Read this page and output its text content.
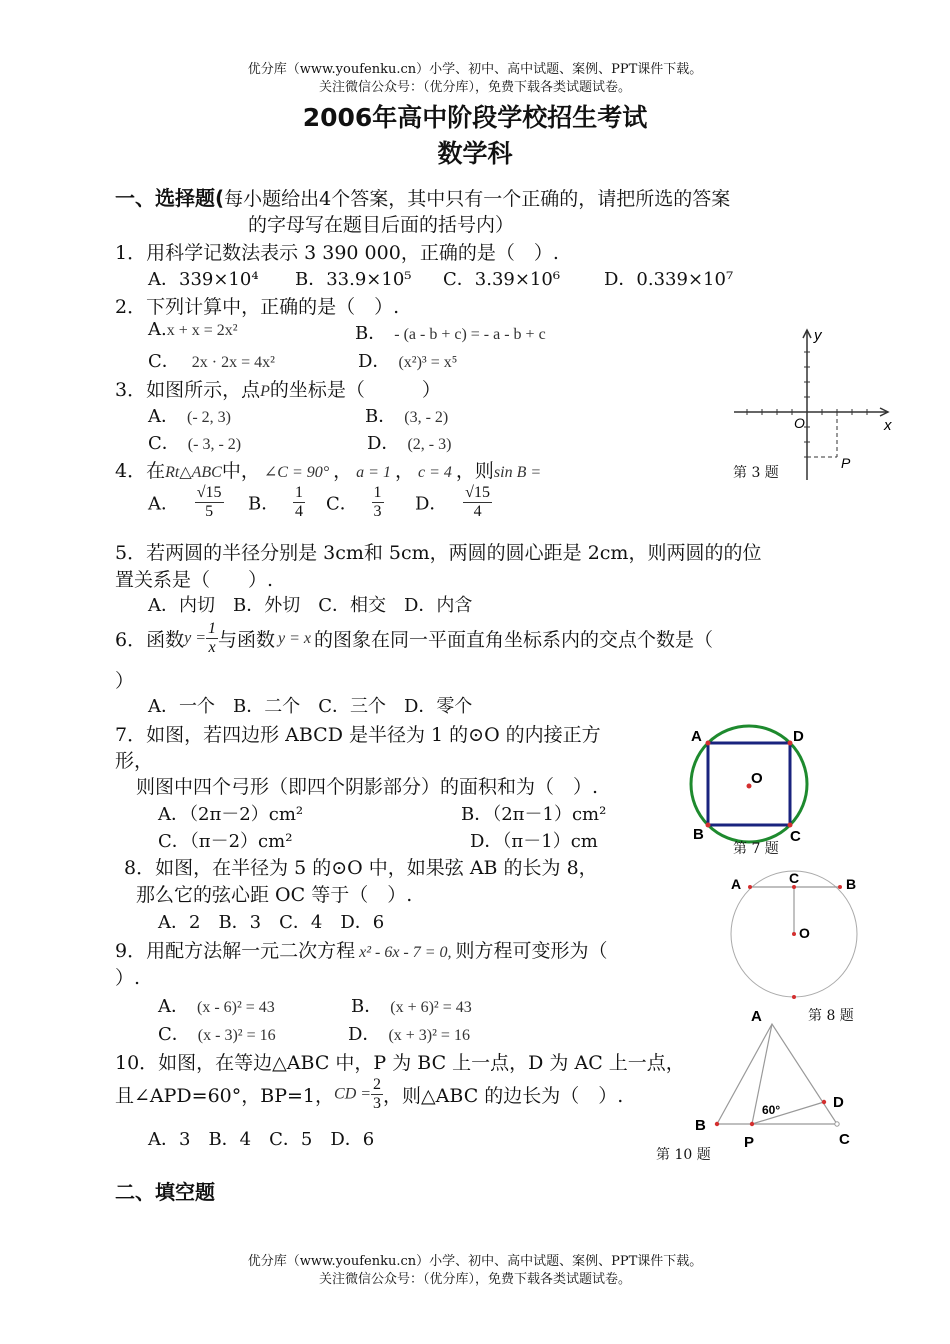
优分库（www.youfenku.cn）小学、初中、高中试题、案例、PPT课件下载。
关注微信公众号：（优分库），免费下载各类试题试卷。
2006年高中阶段学校招生考试
数学科
一、选择题(每小题给出4个答案，其中只有一个正确的，请把所选的答案
的字母写在题目后面的括号内）
1．用科学记数法表示 3 390 000，正确的是（　）.
A．339×10⁴ B．33.9×10⁵ C．3.39×10⁶ D．0.339×10⁷
2．下列计算中，正确的是（　）.
A.x + x = 2x²	B． - (a - b + c) = - a - b + c
C． 2x · 2x = 4x²	D． (x²)³ = x⁵
3．如图所示，点P的坐标是（　　　）
A． (- 2, 3)	B． (3, - 2)
C． (- 3, - 2)	D． (2, - 3)
x
y
O
P
第 3 题
4．在Rt△ABC中， ∠C = 90° ， a = 1 ， c = 4 ，则sin B =
A． $\frac{√15}{5}$ B． $\frac{1}{4}$ C． $\frac{1}{3}$ D． $\frac{√15}{4}$
5．若两圆的半径分别是 3cm和 5cm，两圆的圆心距是 2cm，则两圆的的位
置关系是（　　）.
A．内切　B．外切　C．相交　D．内含
6．函数$y = \frac{1}{x}$ 与函数 y = x 的图象在同一平面直角坐标系内的交点个数是（
）
A．一个　B．二个　C．三个　D．零个
7．如图，若四边形 ABCD 是半径为 1 的⊙O 的内接正方
形，
则图中四个弓形（即四个阴影部分）的面积和为（　）.
A．（2π－2）cm²	B．（2π－1）cm²
C．（π－2）cm²	D．（π－1）cm
A	D
B	C
O
第 7 题
8．如图，在半径为 5 的⊙O 中，如果弦 AB 的长为 8，
那么它的弦心距 OC 等于（　）.
A．2　B．3　C．4　D．6
A	B
C
O
第 8 题
9．用配方法解一元二次方程 x² - 6x - 7 = 0, 则方程可变形为（
）.
A． (x - 6)² = 43	B． (x + 6)² = 43
C． (x - 3)² = 16	D． (x + 3)² = 16
10．如图，在等边△ABC 中，P 为 BC 上一点，D 为 AC 上一点，
且∠APD=60°，BP=1，CD = $\frac{2}{3}$ ，则△ABC 的边长为（　）.
A．3　B．4　C．5　D．6
A
B
P
D
C
60°
第 10 题
二、填空题
优分库（www.youfenku.cn）小学、初中、高中试题、案例、PPT课件下载。
关注微信公众号：（优分库），免费下载各类试题试卷。
